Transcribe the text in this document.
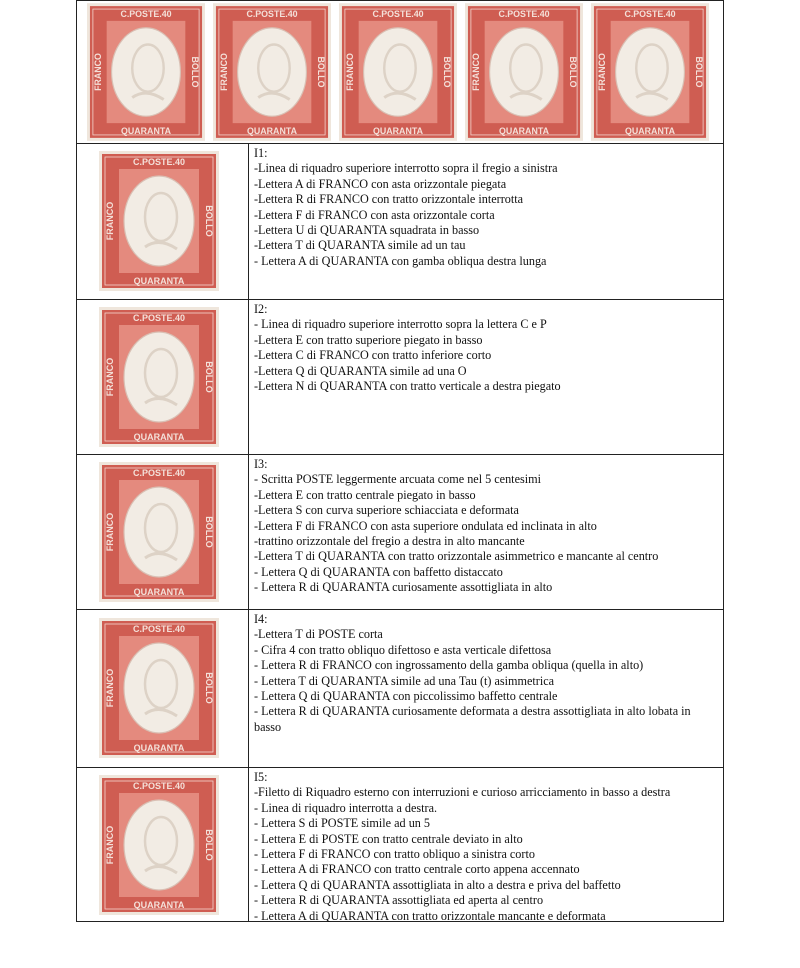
C.POSTE.40
QUARANTA
FRANCO	BOLLO
C.POSTE.40
QUARANTA
FRANCO	BOLLO
C.POSTE.40
QUARANTA
FRANCO	BOLLO
C.POSTE.40
QUARANTA
FRANCO	BOLLO
C.POSTE.40
QUARANTA
FRANCO	BOLLO
C.POSTE.40
QUARANTA
FRANCO	BOLLO
I1:
-Linea di riquadro superiore interrotto sopra il fregio a sinistra
-Lettera A di FRANCO con asta orizzontale piegata
-Lettera R di FRANCO con tratto orizzontale interrotta
-Lettera F di FRANCO con asta orizzontale corta
-Lettera U di QUARANTA squadrata in basso
-Lettera T di QUARANTA simile ad un tau
- Lettera A di QUARANTA con gamba obliqua destra lunga
C.POSTE.40
QUARANTA
FRANCO	BOLLO
I2:
- Linea di riquadro superiore interrotto sopra la lettera C e P
-Lettera E con tratto superiore piegato in basso
-Lettera C di FRANCO con tratto inferiore corto
-Lettera Q di QUARANTA simile ad una O
-Lettera N di QUARANTA con tratto verticale a destra piegato
C.POSTE.40
QUARANTA
FRANCO	BOLLO
I3:
- Scritta POSTE leggermente arcuata come nel 5 centesimi
-Lettera E con tratto centrale piegato in basso
-Lettera S con curva superiore schiacciata e deformata
-Lettera F di FRANCO con asta superiore ondulata ed inclinata in alto
-trattino orizzontale del fregio a destra in alto mancante
-Lettera T di QUARANTA con tratto orizzontale asimmetrico e mancante al centro
- Lettera Q di QUARANTA con baffetto distaccato
- Lettera R di QUARANTA curiosamente assottigliata in alto
C.POSTE.40
QUARANTA
FRANCO	BOLLO
I4:
-Lettera T di POSTE corta
- Cifra 4 con tratto obliquo difettoso e asta verticale difettosa
- Lettera R di FRANCO con ingrossamento della gamba obliqua (quella in alto)
- Lettera T di QUARANTA simile ad una Tau (t) asimmetrica
- Lettera Q di QUARANTA con piccolissimo baffetto centrale
- Lettera R di QUARANTA curiosamente deformata a destra assottigliata in alto lobata in basso
C.POSTE.40
QUARANTA
FRANCO	BOLLO
I5:
-Filetto di Riquadro esterno con interruzioni e curioso arricciamento in basso a destra
- Linea di riquadro interrotta a destra.
- Lettera S di POSTE simile ad un 5
- Lettera E di POSTE con tratto centrale deviato in alto
- Lettera F di FRANCO con tratto obliquo a sinistra corto
- Lettera A di FRANCO con tratto centrale corto appena accennato
- Lettera Q di QUARANTA assottigliata in alto a destra e priva del baffetto
- Lettera R di QUARANTA assottigliata ed aperta al centro
- Lettera A di QUARANTA con tratto orizzontale mancante e deformata
